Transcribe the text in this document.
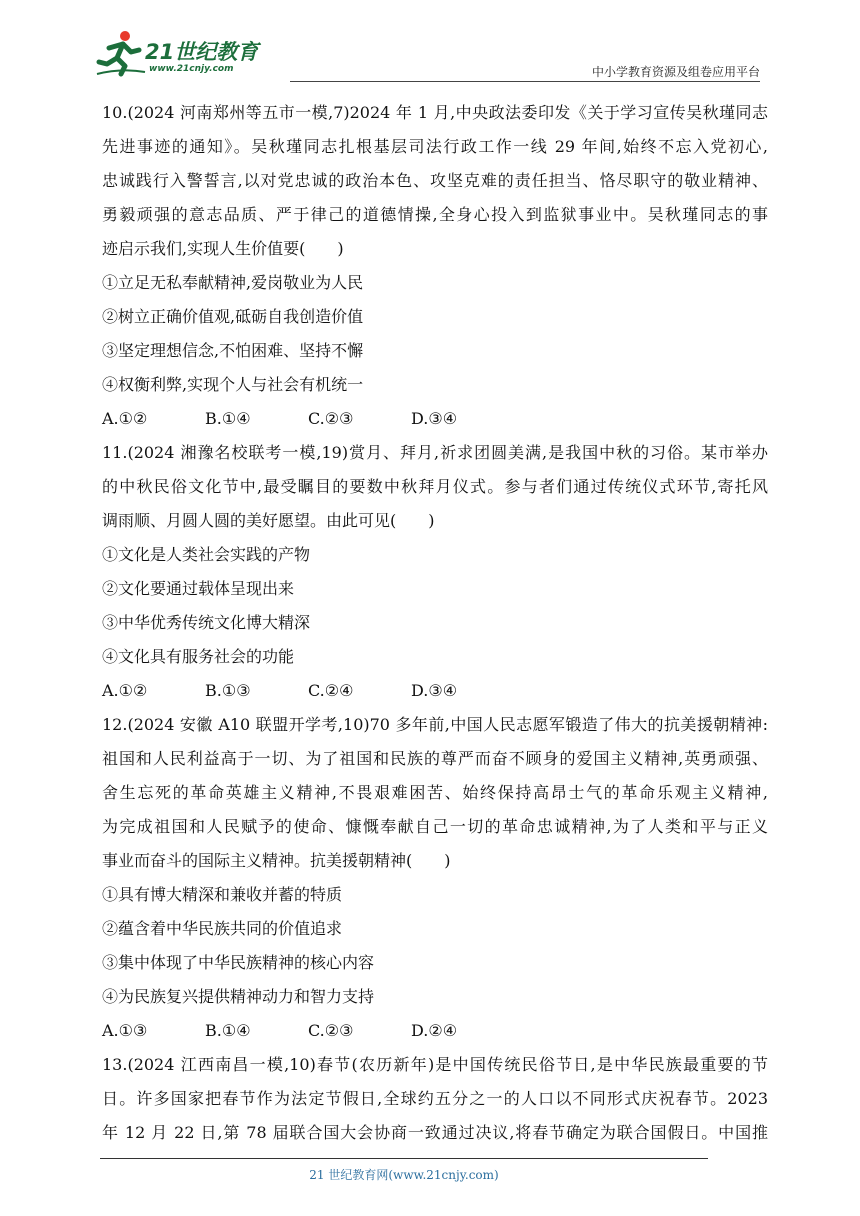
21世纪教育
www.21cnjy.com	中小学教育资源及组卷应用平台
10.(2024 河南郑州等五市一模,7)2024 年 1 月,中央政法委印发《关于学习宣传吴秋瑾同志
先进事迹的通知》。吴秋瑾同志扎根基层司法行政工作一线 29 年间,始终不忘入党初心,
忠诚践行入警誓言,以对党忠诚的政治本色、攻坚克难的责任担当、恪尽职守的敬业精神、
勇毅顽强的意志品质、严于律己的道德情操,全身心投入到监狱事业中。吴秋瑾同志的事
迹启示我们,实现人生价值要(　　)
①立足无私奉献精神,爱岗敬业为人民
②树立正确价值观,砥砺自我创造价值
③坚定理想信念,不怕困难、坚持不懈
④权衡利弊,实现个人与社会有机统一
A.①②	B.①④	C.②③	D.③④
11.(2024 湘豫名校联考一模,19)赏月、拜月,祈求团圆美满,是我国中秋的习俗。某市举办
的中秋民俗文化节中,最受瞩目的要数中秋拜月仪式。参与者们通过传统仪式环节,寄托风
调雨顺、月圆人圆的美好愿望。由此可见(　　)
①文化是人类社会实践的产物
②文化要通过载体呈现出来
③中华优秀传统文化博大精深
④文化具有服务社会的功能
A.①②	B.①③	C.②④	D.③④
12.(2024 安徽 A10 联盟开学考,10)70 多年前,中国人民志愿军锻造了伟大的抗美援朝精神:
祖国和人民利益高于一切、为了祖国和民族的尊严而奋不顾身的爱国主义精神,英勇顽强、
舍生忘死的革命英雄主义精神,不畏艰难困苦、始终保持高昂士气的革命乐观主义精神,
为完成祖国和人民赋予的使命、慷慨奉献自己一切的革命忠诚精神,为了人类和平与正义
事业而奋斗的国际主义精神。抗美援朝精神(　　)
①具有博大精深和兼收并蓄的特质
②蕴含着中华民族共同的价值追求
③集中体现了中华民族精神的核心内容
④为民族复兴提供精神动力和智力支持
A.①③	B.①④	C.②③	D.②④
13.(2024 江西南昌一模,10)春节(农历新年)是中国传统民俗节日,是中华民族最重要的节
日。许多国家把春节作为法定节假日,全球约五分之一的人口以不同形式庆祝春节。2023
年 12 月 22 日,第 78 届联合国大会协商一致通过决议,将春节确定为联合国假日。中国推
21 世纪教育网(www.21cnjy.com)
